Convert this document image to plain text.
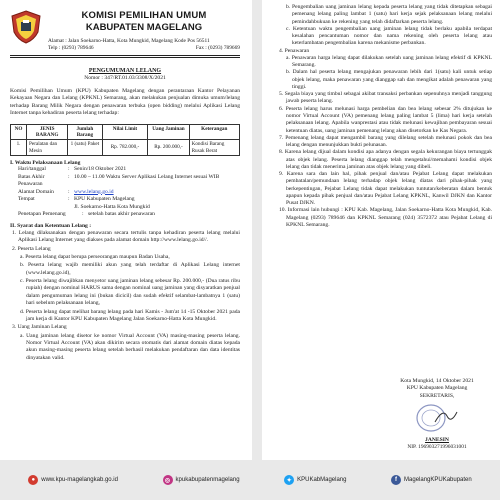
KOMISI PEMILIHAN UMUM
KABUPATEN MAGELANG
Alamat : Jalan Soekarno-Hatta, Kota Mungkid, Magelang Kode Pos 56511
Telp : (0293) 789646	Fax : (0293) 789669
PENGUMUMAN LELANG
Nomor : 347/RT.01.03/3308/X/2021

Komisi Pemilihan Umum (KPU) Kabupaten Magelang dengan perantaraan Kantor Pelayanan Kekayaan Negara dan Lelang (KPKNL) Semarang, akan melakukan penjualan dimuka umum/lelang terhadap Barang Milik Negara dengan penawaran terbuka (open bidding) melalui Aplikasi Lelang Internet tanpa kehadiran peserta lelang terhadap:

NO	JENIS BARANG	Jumlah Barang	Nilai Limit	Uang Jaminan	Keterangan
1.	Peralatan dan Mesin	1 (satu) Paket	Rp. 782.000,-	Rp. 200.000,-	Kondisi Barang Rusak Berat
I. Waktu Pelaksanaan Lelang
Hari/tanggal	: Senin/18 Oktober 2021
Batas Akhir Penawaran
: 10.00 – 11.00 Waktu Server Aplikasi Lelang Internet sesuai WIB
Alamat Domain	: www.lelang.go.id
Tempat	: KPU Kabupaten Magelang
Jl. Soekarno-Hatta Kota Mungkid
Penetapan Pemenang	: setelah batas akhir penawaran
II. Syarat dan Ketentuan Lelang :
1. Lelang dilaksanakan dengan penawaran secara tertulis tanpa kehadiran peserta lelang melalui Aplikasi Lelang Internet yang diakses pada alamat domain http://www.lelang.go.id//.
2. Peserta Lelang
a. Peserta lelang dapat berupa perseorangan maupun Badan Usaha,
b. Peserta lelang wajib memiliki akun yang telah terdaftar di Aplikasi Lelang internet (www.lelang.go.id),
c. Peserta lelang diwajibkan menyetor uang jaminan lelang sebesar Rp. 200.000,- (Dua ratus ribu rupiah) dengan nominal HARUS sama dengan nominal uang jaminan yang disyaratkan penjual dalam pengumuman lelang ini (bukan dicicil) dan sudah efektif selambat-lambatnya 1 (satu) hari sebelum pelaksanaan lelang,
d. Peserta lelang dapat melihat barang lelang pada hari Kamis - Jum'at 14 -15 Oktober 2021 pada jam kerja di Kantor KPU Kabupaten Magelang Jalan Soekarno-Hatta Kota Mungkid.
3. Uang Jaminan Lelang
a. Uang jaminan lelang disetor ke nomor Virtual Account (VA) masing-masing peserta lelang. Nomor Virtual Account (VA) akan dikirim secara otomatis dari alamat domain diatas kepada akun masing-masing peserta lelang setelah berhasil melakukan pendaftaran dan data identitas dinyatakan valid.
b. Pengembalian uang jaminan lelang kepada peserta lelang yang tidak ditetapkan sebagai pemenang lelang paling lambat 1 (satu) hari kerja sejak pelaksanaan lelang melalui pemindahbukuan ke rekening yang telah didaftarkan peserta lelang.
c. Ketentuan waktu pengembalian uang jaminan lelang tidak berlaku apabila terdapat kesalahan pencantuman nomor dan nama rekening oleh peserta lelang atau keterlambatan pengembalian karena mekanisme perbankan.
4. Penawaran
a. Penawaran harga lelang dapat dilakukan setelah uang jaminan lelang efektif di KPKNL Semarang.
b. Dalam hal peserta lelang mengajukan penawaran lebih dari 1(satu) kali untuk setiap objek lelang, maka penawaran yang dianggap sah dan mengikat adalah penawaran yang tinggi.
5. Segala biaya yang timbul sebagai akibat transaksi perbankan sepenuhnya menjadi tanggung jawab peserta lelang.
6. Peserta lelang harus melunasi harga pembelian dan bea lelang sebesar 2% ditujukan ke nomor Virtual Account (VA) pemenang lelang paling lambat 5 (lima) hari kerja setelah pelaksanaan lelang. Apabila wanprestasi atau tidak melunasi kewajiban pembayaran sesuai ketentuan diatas, uang jaminan pemenang lelang akan disetorkan ke Kas Negara.
7. Pemenang lelang dapat mengambil barang yang dilelang setelah melunasi pokok dan bea lelang dengan menunjukkan bukti pelunasan.
8. Karena lelang dijual dalam kondisi apa adanya dengan segala kekurangan biaya tertunggak atas objek lelang. Peserta lelang dianggap telah mengetahui/memahami kondisi objek lelang dan tidak menerima jaminan atas objek lelang yang dibeli.
9. Karena sara dan lain hal, pihak penjual dan/atau Pejabat Lelang dapat melakukan pembatalan/pemundaan lelang terhadap objek lelang diatas dari pihak-pihak yang berkepentingan, Pejabat Lelang tidak dapat melakukan tuntutan/keberatan dalam bentuk apapun kepada pihak penjual dan/atau Pejabat Lelang KPKNL, Kanwil DJKN dan Kantor Pusat DJKN.
10. Informasi lain hubungi : KPU Kab. Magelang, Jalan Soekarno-Hatta Kota Mungkid, Kab. Magelang (0293) 789646 dan KPKNL Semarang (024) 3572372 atau Pejabat Lelang di KPKNL Semarang.
Kota Mungkid, 14 Oktober 2021
KPU Kabupaten Magelang
SEKRETARIS,
JANESIN
NIP. 196903271996031001
●	www.kpu-magelangkab.go.id	◎ kpukabupatenmagelang	✦ KPUKabMagelang	f	MagelangKPUKabupaten
